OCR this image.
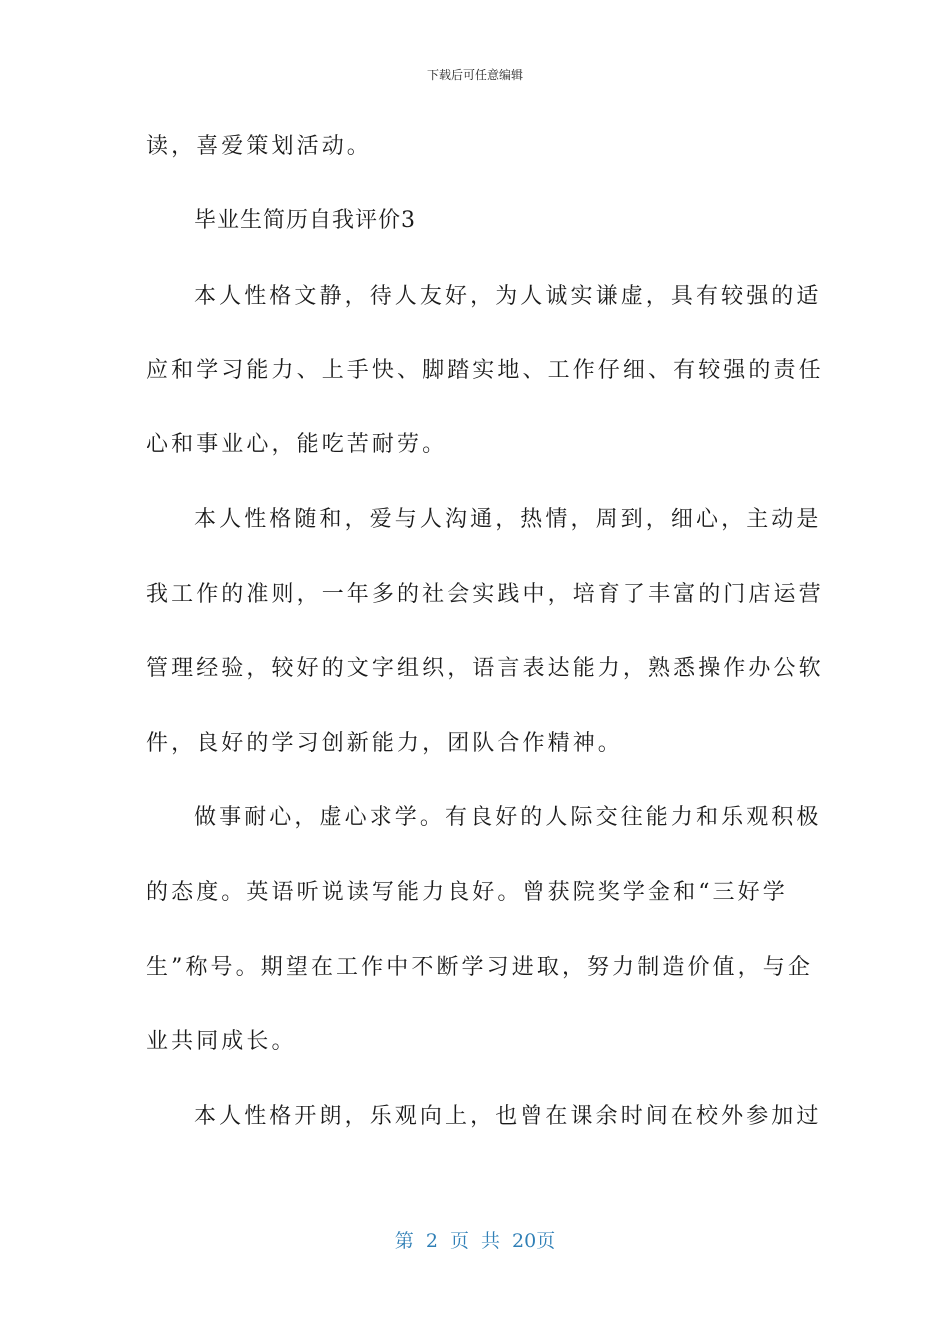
下载后可任意编辑
读，喜爱策划活动。
毕业生简历自我评价3
本人性格文静，待人友好，为人诚实谦虚，具有较强的适
应和学习能力、上手快、脚踏实地、工作仔细、有较强的责任
心和事业心，能吃苦耐劳。
本人性格随和，爱与人沟通，热情，周到，细心，主动是
我工作的准则，一年多的社会实践中，培育了丰富的门店运营
管理经验，较好的文字组织，语言表达能力，熟悉操作办公软
件，良好的学习创新能力，团队合作精神。
做事耐心，虚心求学。有良好的人际交往能力和乐观积极
的态度。英语听说读写能力良好。曾获院奖学金和“三好学
生”称号。期望在工作中不断学习进取，努力制造价值，与企
业共同成长。
本人性格开朗，乐观向上，也曾在课余时间在校外参加过
第 2 页 共 20页
